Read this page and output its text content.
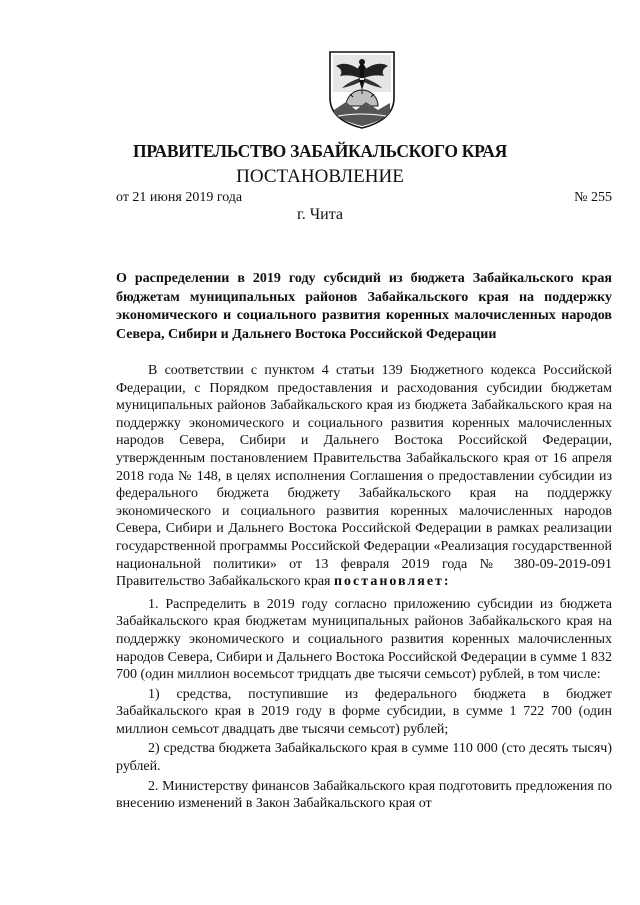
ПРАВИТЕЛЬСТВО ЗАБАЙКАЛЬСКОГО КРАЯ
ПОСТАНОВЛЕНИЕ
от 21 июня 2019 года	№ 255
г. Чита
О распределении в 2019 году субсидий из бюджета Забайкальского края бюджетам муниципальных районов Забайкальского края на поддержку экономического и социального развития коренных малочисленных народов Севера, Сибири и Дальнего Востока Российской Федерации

В соответствии с пунктом 4 статьи 139 Бюджетного кодекса Российской Федерации, с Порядком предоставления и расходования субсидии бюджетам муниципальных районов Забайкальского края из бюджета Забайкальского края на поддержку экономического и социального развития коренных малочисленных народов Севера, Сибири и Дальнего Востока Российской Федерации, утвержденным постановлением Правительства Забайкальского края от 16 апреля 2018 года № 148, в целях исполнения Соглашения о предоставлении субсидии из федерального бюджета бюджету Забайкальского края на поддержку экономического и социального развития коренных малочисленных народов Севера, Сибири и Дальнего Востока Российской Федерации в рамках реализации государственной программы Российской Федерации «Реализация государственной национальной политики» от 13 февраля 2019 года № 380-09-2019-091 Правительство Забайкальского края постановляет:

1. Распределить в 2019 году согласно приложению субсидии из бюджета Забайкальского края бюджетам муниципальных районов Забайкальского края на поддержку экономического и социального развития коренных малочисленных народов Севера, Сибири и Дальнего Востока Российской Федерации в сумме 1 832 700 (один миллион восемьсот тридцать две тысячи семьсот) рублей, в том числе:

1) средства, поступившие из федерального бюджета в бюджет Забайкальского края в 2019 году в форме субсидии, в сумме 1 722 700 (один миллион семьсот двадцать две тысячи семьсот) рублей;

2) средства бюджета Забайкальского края в сумме 110 000 (сто десять тысяч) рублей.

2. Министерству финансов Забайкальского края подготовить предложения по внесению изменений в Закон Забайкальского края от
